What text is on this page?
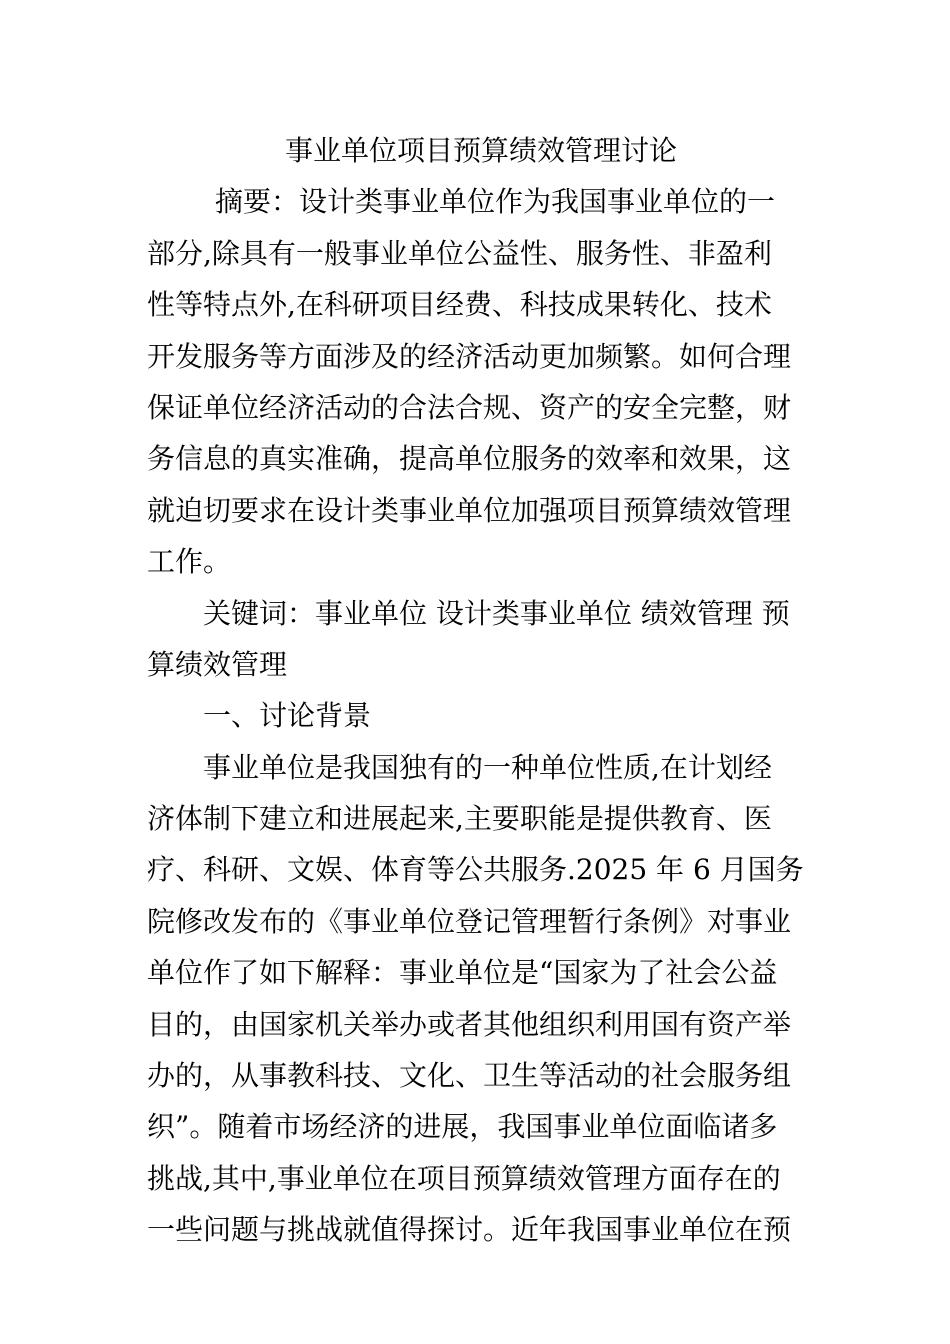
事业单位项目预算绩效管理讨论

摘要：设计类事业单位作为我国事业单位的一

部分,除具有一般事业单位公益性、服务性、非盈利

性等特点外,在科研项目经费、科技成果转化、技术

开发服务等方面涉及的经济活动更加频繁。如何合理

保证单位经济活动的合法合规、资产的安全完整，财

务信息的真实准确，提高单位服务的效率和效果，这

就迫切要求在设计类事业单位加强项目预算绩效管理

工作。

关键词：事业单位 设计类事业单位 绩效管理 预

算绩效管理

一、讨论背景

事业单位是我国独有的一种单位性质,在计划经

济体制下建立和进展起来,主要职能是提供教育、医

疗、科研、文娱、体育等公共服务.2025 年 6 月国务

院修改发布的《事业单位登记管理暂行条例》对事业

单位作了如下解释：事业单位是“国家为了社会公益

目的，由国家机关举办或者其他组织利用国有资产举

办的，从事教科技、文化、卫生等活动的社会服务组

织”。随着市场经济的进展，我国事业单位面临诸多

挑战,其中,事业单位在项目预算绩效管理方面存在的

一些问题与挑战就值得探讨。近年我国事业单位在预
